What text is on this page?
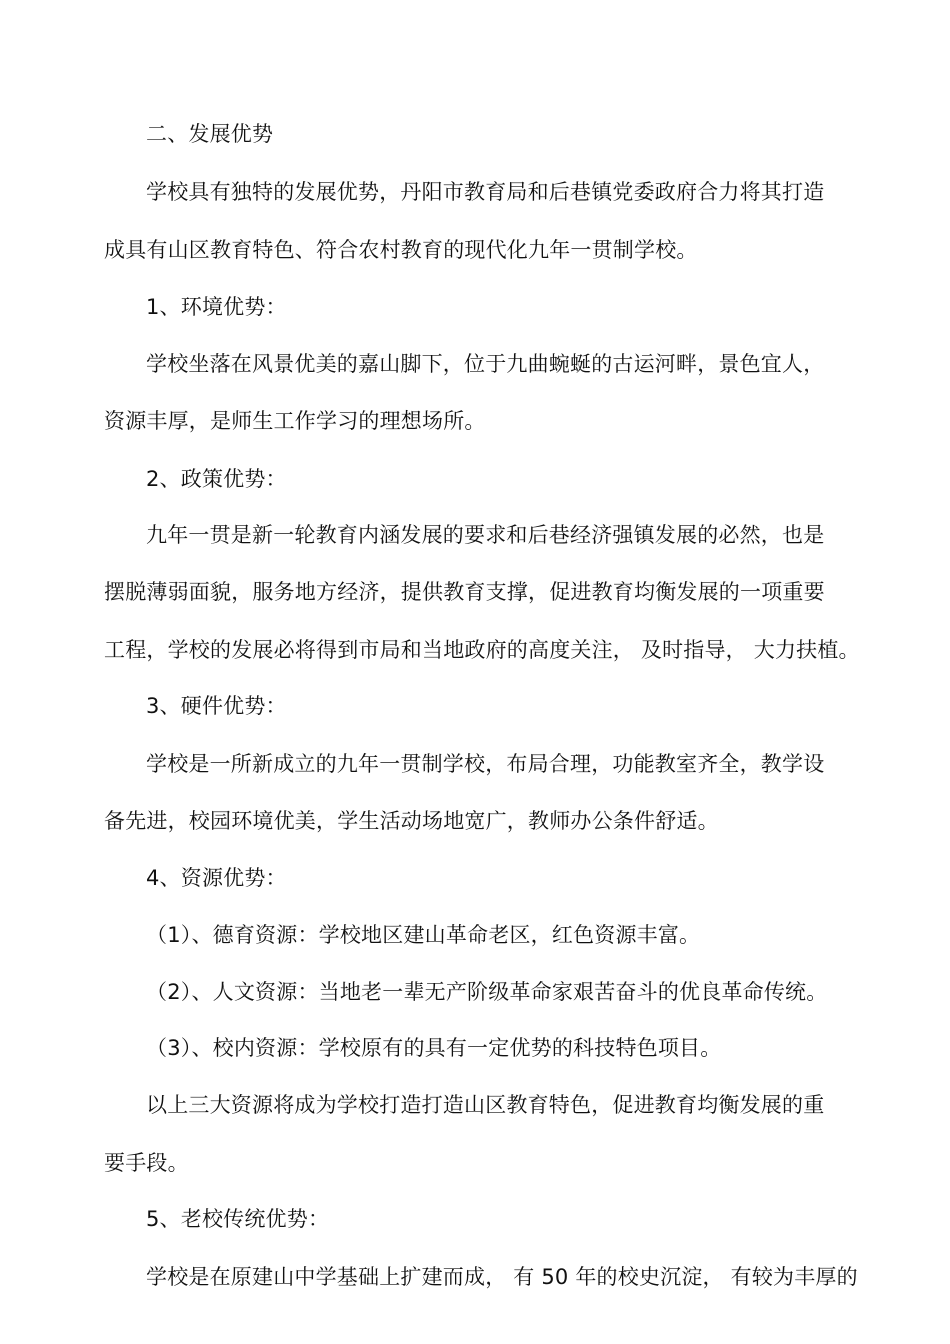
二、发展优势
学校具有独特的发展优势，丹阳市教育局和后巷镇党委政府合力将其打造
成具有山区教育特色、符合农村教育的现代化九年一贯制学校。
1、环境优势：
学校坐落在风景优美的嘉山脚下，位于九曲蜿蜒的古运河畔，景色宜人，
资源丰厚，是师生工作学习的理想场所。
2、政策优势：
九年一贯是新一轮教育内涵发展的要求和后巷经济强镇发展的必然，也是
摆脱薄弱面貌，服务地方经济，提供教育支撑，促进教育均衡发展的一项重要
工程，学校的发展必将得到市局和当地政府的高度关注， 及时指导， 大力扶植。
3、硬件优势：
学校是一所新成立的九年一贯制学校，布局合理，功能教室齐全，教学设
备先进，校园环境优美，学生活动场地宽广，教师办公条件舒适。
4、资源优势：
（1）、德育资源：学校地区建山革命老区，红色资源丰富。
（2）、人文资源：当地老一辈无产阶级革命家艰苦奋斗的优良革命传统。
（3）、校内资源：学校原有的具有一定优势的科技特色项目。
以上三大资源将成为学校打造打造山区教育特色，促进教育均衡发展的重
要手段。
5、老校传统优势：
学校是在原建山中学基础上扩建而成， 有 50 年的校史沉淀， 有较为丰厚的
